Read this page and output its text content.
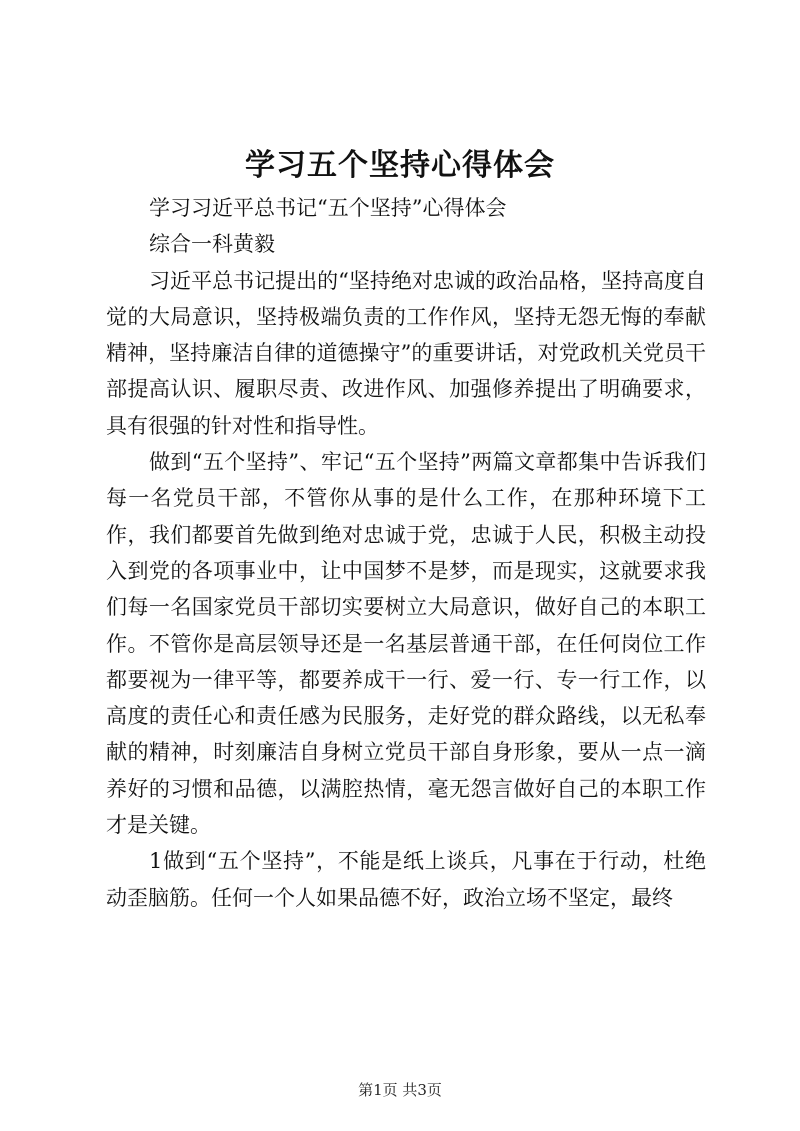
学习五个坚持心得体会

学习习近平总书记“五个坚持”心得体会

综合一科黄毅

习近平总书记提出的“坚持绝对忠诚的政治品格，坚持高度自觉的大局意识，坚持极端负责的工作作风，坚持无怨无悔的奉献精神，坚持廉洁自律的道德操守”的重要讲话，对党政机关党员干部提高认识、履职尽责、改进作风、加强修养提出了明确要求，具有很强的针对性和指导性。

做到“五个坚持”、牢记“五个坚持”两篇文章都集中告诉我们每一名党员干部，不管你从事的是什么工作，在那种环境下工作，我们都要首先做到绝对忠诚于党，忠诚于人民，积极主动投入到党的各项事业中，让中国梦不是梦，而是现实，这就要求我们每一名国家党员干部切实要树立大局意识，做好自己的本职工作。不管你是高层领导还是一名基层普通干部，在任何岗位工作都要视为一律平等，都要养成干一行、爱一行、专一行工作，以高度的责任心和责任感为民服务，走好党的群众路线，以无私奉献的精神，时刻廉洁自身树立党员干部自身形象，要从一点一滴养好的习惯和品德，以满腔热情，毫无怨言做好自己的本职工作才是关键。

1做到“五个坚持”，不能是纸上谈兵，凡事在于行动，杜绝动歪脑筋。任何一个人如果品德不好，政治立场不坚定，最终

第1页 共3页
